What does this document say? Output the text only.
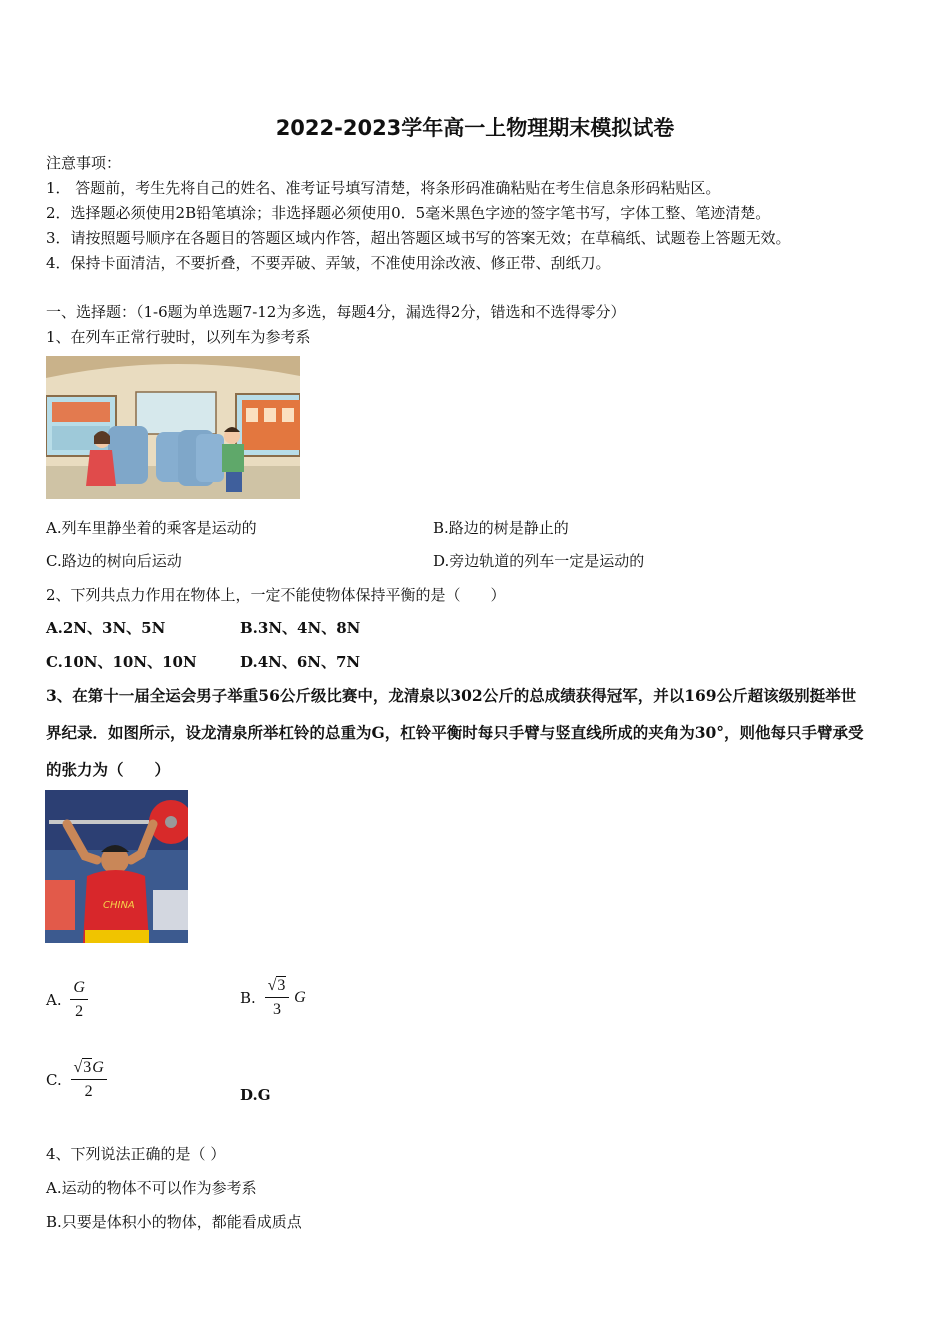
2022-2023学年高一上物理期末模拟试卷
注意事项：
1． 答题前，考生先将自己的姓名、准考证号填写清楚，将条形码准确粘贴在考生信息条形码粘贴区。
2．选择题必须使用2B铅笔填涂；非选择题必须使用0．5毫米黑色字迹的签字笔书写，字体工整、笔迹清楚。
3．请按照题号顺序在各题目的答题区域内作答，超出答题区域书写的答案无效；在草稿纸、试题卷上答题无效。
4．保持卡面清洁，不要折叠，不要弄破、弄皱，不准使用涂改液、修正带、刮纸刀。
一、选择题：（1-6题为单选题7-12为多选，每题4分，漏选得2分，错选和不选得零分）
1、在列车正常行驶时，以列车为参考系
A.列车里静坐着的乘客是运动的	B.路边的树是静止的
C.路边的树向后运动	D.旁边轨道的列车一定是运动的
2、下列共点力作用在物体上，一定不能使物体保持平衡的是（　　）
A.2N、3N、5N	B.3N、4N、8N
C.10N、10N、10N	D.4N、6N、7N
3、在第十一届全运会男子举重56公斤级比赛中，龙清泉以302公斤的总成绩获得冠军，并以169公斤超该级别挺举世
界纪录．如图所示，设龙清泉所举杠铃的总重为G，杠铃平衡时每只手臂与竖直线所成的夹角为30°，则他每只手臂承受
的张力为（　　）
CHINA
A. $\frac{G}{2}$	B. $\frac{√3}{3}$ G
C. $\frac{√3G}{2}$	D.G
4、下列说法正确的是（ ）
A.运动的物体不可以作为参考系
B.只要是体积小的物体，都能看成质点
